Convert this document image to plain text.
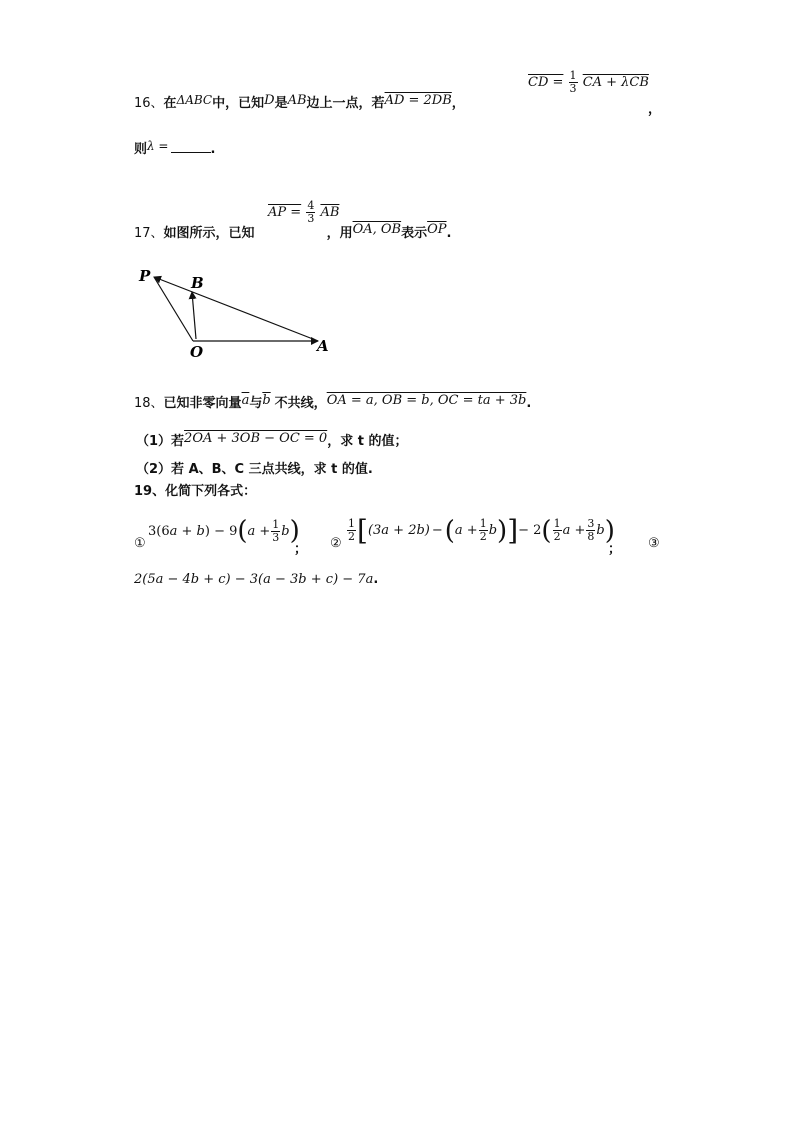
16、在ΔABC中，已知D是AB边上一点，若AD = 2DB，
CD = $\frac{1}{3}$ CA + λCB
，
则λ =	.
AP = $\frac{4}{3} \overline{AB}$
17、如图所示，已知	，用OA, OB表示$\overline{OP}$.
P	B
O	A
18、已知非零向量$\overline{a}$与$\overline{b}$ 不共线，OA = a, OB = b, OC = ta + 3b.
（1）若2OA + 3OB − OC = 0，求 t 的值；
（2）若 A、B、C 三点共线，求 t 的值.
19、化简下列各式：
①
3(6 a + b ) − 9 ( $a + \frac{1}{3}$ b )
； ②
$\frac{1}{2}$ [ (3a + 2b) − ( $a + \frac{1}{2}$ b ) ] − 2 ( $\frac{1}{2}$ $a + \frac{3}{8}$ b )
； ③
2(5a − 4b + c) − 3(a − 3b + c) − 7a.
